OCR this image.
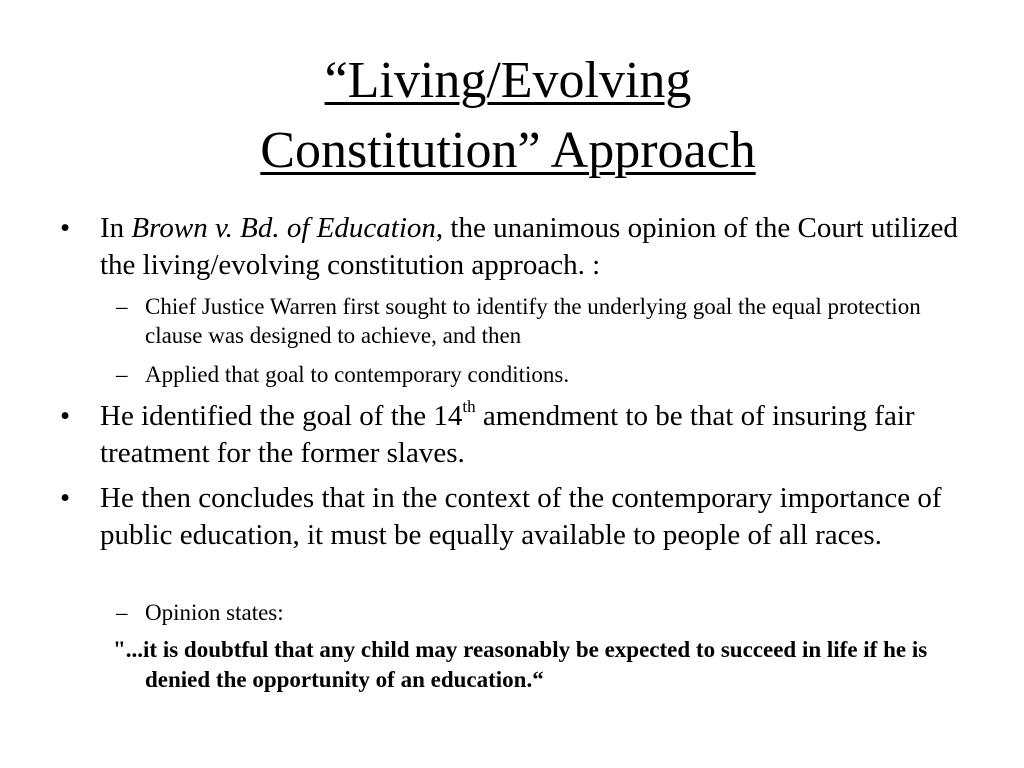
“Living/Evolving
Constitution” Approach
•	In Brown v. Bd. of Education, the unanimous opinion of the Court utilized the living/evolving constitution approach. :
– Chief Justice Warren first sought to identify the underlying goal the equal protection clause was designed to achieve, and then
– Applied that goal to contemporary conditions.
•	He identified the goal of the 14th amendment to be that of insuring fair treatment for the former slaves.
•	He then concludes that in the context of the contemporary importance of public education, it must be equally available to people of all races.
– Opinion states:
"...it is doubtful that any child may reasonably be expected to succeed in life if he is denied the opportunity of an education.“
